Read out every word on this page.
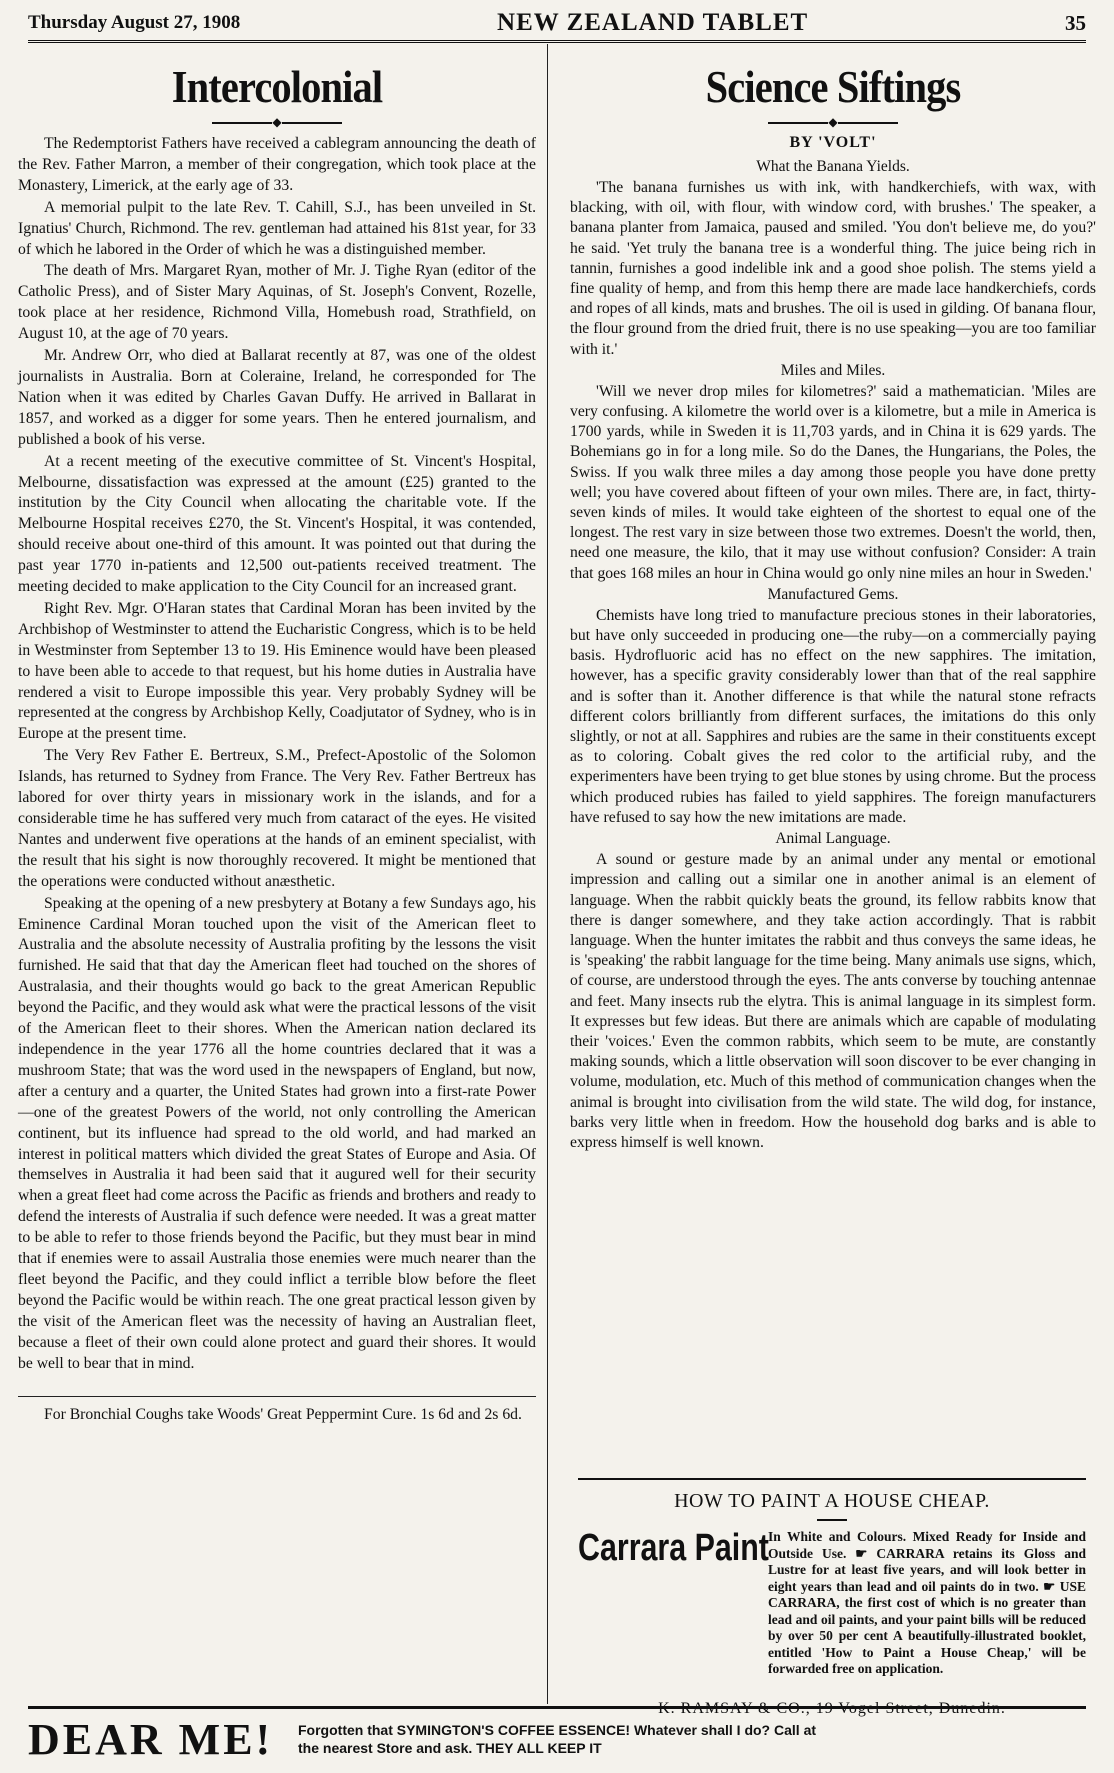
Thursday August 27, 1908	NEW ZEALAND TABLET	35
Intercolonial
◆

The Redemptorist Fathers have received a cablegram announcing the death of the Rev. Father Marron, a member of their congregation, which took place at the Monastery, Limerick, at the early age of 33.

A memorial pulpit to the late Rev. T. Cahill, S.J., has been unveiled in St. Ignatius' Church, Richmond. The rev. gentleman had attained his 81st year, for 33 of which he labored in the Order of which he was a distinguished member.

The death of Mrs. Margaret Ryan, mother of Mr. J. Tighe Ryan (editor of the Catholic Press), and of Sister Mary Aquinas, of St. Joseph's Convent, Rozelle, took place at her residence, Richmond Villa, Homebush road, Strathfield, on August 10, at the age of 70 years.

Mr. Andrew Orr, who died at Ballarat recently at 87, was one of the oldest journalists in Australia. Born at Coleraine, Ireland, he corresponded for The Nation when it was edited by Charles Gavan Duffy. He arrived in Ballarat in 1857, and worked as a digger for some years. Then he entered journalism, and published a book of his verse.

At a recent meeting of the executive committee of St. Vincent's Hospital, Melbourne, dissatisfaction was expressed at the amount (£25) granted to the institution by the City Council when allocating the charitable vote. If the Melbourne Hospital receives £270, the St. Vincent's Hospital, it was contended, should receive about one-third of this amount. It was pointed out that during the past year 1770 in-patients and 12,500 out-patients received treatment. The meeting decided to make application to the City Council for an increased grant.

Right Rev. Mgr. O'Haran states that Cardinal Moran has been invited by the Archbishop of Westminster to attend the Eucharistic Congress, which is to be held in Westminster from September 13 to 19. His Eminence would have been pleased to have been able to accede to that request, but his home duties in Australia have rendered a visit to Europe impossible this year. Very probably Sydney will be represented at the congress by Archbishop Kelly, Coadjutator of Sydney, who is in Europe at the present time.

The Very Rev Father E. Bertreux, S.M., Prefect-Apostolic of the Solomon Islands, has returned to Sydney from France. The Very Rev. Father Bertreux has labored for over thirty years in missionary work in the islands, and for a considerable time he has suffered very much from cataract of the eyes. He visited Nantes and underwent five operations at the hands of an eminent specialist, with the result that his sight is now thoroughly recovered. It might be mentioned that the operations were conducted without anæsthetic.

Speaking at the opening of a new presbytery at Botany a few Sundays ago, his Eminence Cardinal Moran touched upon the visit of the American fleet to Australia and the absolute necessity of Australia profiting by the lessons the visit furnished. He said that that day the American fleet had touched on the shores of Australasia, and their thoughts would go back to the great American Republic beyond the Pacific, and they would ask what were the practical lessons of the visit of the American fleet to their shores. When the American nation declared its independence in the year 1776 all the home countries declared that it was a mushroom State; that was the word used in the newspapers of England, but now, after a century and a quarter, the United States had grown into a first-rate Power—one of the greatest Powers of the world, not only controlling the American continent, but its influence had spread to the old world, and had marked an interest in political matters which divided the great States of Europe and Asia. Of themselves in Australia it had been said that it augured well for their security when a great fleet had come across the Pacific as friends and brothers and ready to defend the interests of Australia if such defence were needed. It was a great matter to be able to refer to those friends beyond the Pacific, but they must bear in mind that if enemies were to assail Australia those enemies were much nearer than the fleet beyond the Pacific, and they could inflict a terrible blow before the fleet beyond the Pacific would be within reach. The one great practical lesson given by the visit of the American fleet was the necessity of having an Australian fleet, because a fleet of their own could alone protect and guard their shores. It would be well to bear that in mind.

For Bronchial Coughs take Woods' Great Peppermint Cure. 1s 6d and 2s 6d.
Science Siftings
◆
BY 'VOLT'
What the Banana Yields.

'The banana furnishes us with ink, with handkerchiefs, with wax, with blacking, with oil, with flour, with window cord, with brushes.' The speaker, a banana planter from Jamaica, paused and smiled. 'You don't believe me, do you?' he said. 'Yet truly the banana tree is a wonderful thing. The juice being rich in tannin, furnishes a good indelible ink and a good shoe polish. The stems yield a fine quality of hemp, and from this hemp there are made lace handkerchiefs, cords and ropes of all kinds, mats and brushes. The oil is used in gilding. Of banana flour, the flour ground from the dried fruit, there is no use speaking—you are too familiar with it.'

Miles and Miles.

'Will we never drop miles for kilometres?' said a mathematician. 'Miles are very confusing. A kilometre the world over is a kilometre, but a mile in America is 1700 yards, while in Sweden it is 11,703 yards, and in China it is 629 yards. The Bohemians go in for a long mile. So do the Danes, the Hungarians, the Poles, the Swiss. If you walk three miles a day among those people you have done pretty well; you have covered about fifteen of your own miles. There are, in fact, thirty-seven kinds of miles. It would take eighteen of the shortest to equal one of the longest. The rest vary in size between those two extremes. Doesn't the world, then, need one measure, the kilo, that it may use without confusion? Consider: A train that goes 168 miles an hour in China would go only nine miles an hour in Sweden.'

Manufactured Gems.

Chemists have long tried to manufacture precious stones in their laboratories, but have only succeeded in producing one—the ruby—on a commercially paying basis. Hydrofluoric acid has no effect on the new sapphires. The imitation, however, has a specific gravity considerably lower than that of the real sapphire and is softer than it. Another difference is that while the natural stone refracts different colors brilliantly from different surfaces, the imitations do this only slightly, or not at all. Sapphires and rubies are the same in their constituents except as to coloring. Cobalt gives the red color to the artificial ruby, and the experimenters have been trying to get blue stones by using chrome. But the process which produced rubies has failed to yield sapphires. The foreign manufacturers have refused to say how the new imitations are made.

Animal Language.

A sound or gesture made by an animal under any mental or emotional impression and calling out a similar one in another animal is an element of language. When the rabbit quickly beats the ground, its fellow rabbits know that there is danger somewhere, and they take action accordingly. That is rabbit language. When the hunter imitates the rabbit and thus conveys the same ideas, he is 'speaking' the rabbit language for the time being. Many animals use signs, which, of course, are understood through the eyes. The ants converse by touching antennae and feet. Many insects rub the elytra. This is animal language in its simplest form. It expresses but few ideas. But there are animals which are capable of modulating their 'voices.' Even the common rabbits, which seem to be mute, are constantly making sounds, which a little observation will soon discover to be ever changing in volume, modulation, etc. Much of this method of communication changes when the animal is brought into civilisation from the wild state. The wild dog, for instance, barks very little when in freedom. How the household dog barks and is able to express himself is well known.

HOW TO PAINT A HOUSE CHEAP.
Carrara Paint In White and Colours. Mixed Ready for Inside and Outside Use. ☛ CARRARA retains its Gloss and Lustre for at least five years, and will look better in eight years than lead and oil paints do in two. ☛ USE CARRARA, the first cost of which is no greater than lead and oil paints, and your paint bills will be reduced by over 50 per cent A beautifully-illustrated booklet, entitled 'How to Paint a House Cheap,' will be forwarded free on application.
K. RAMSAY & CO., 19 Vogel Street, Dunedin.
DEAR ME!	Forgotten that SYMINGTON'S COFFEE ESSENCE! Whatever shall I do? Call at
the nearest Store and ask. THEY ALL KEEP IT
